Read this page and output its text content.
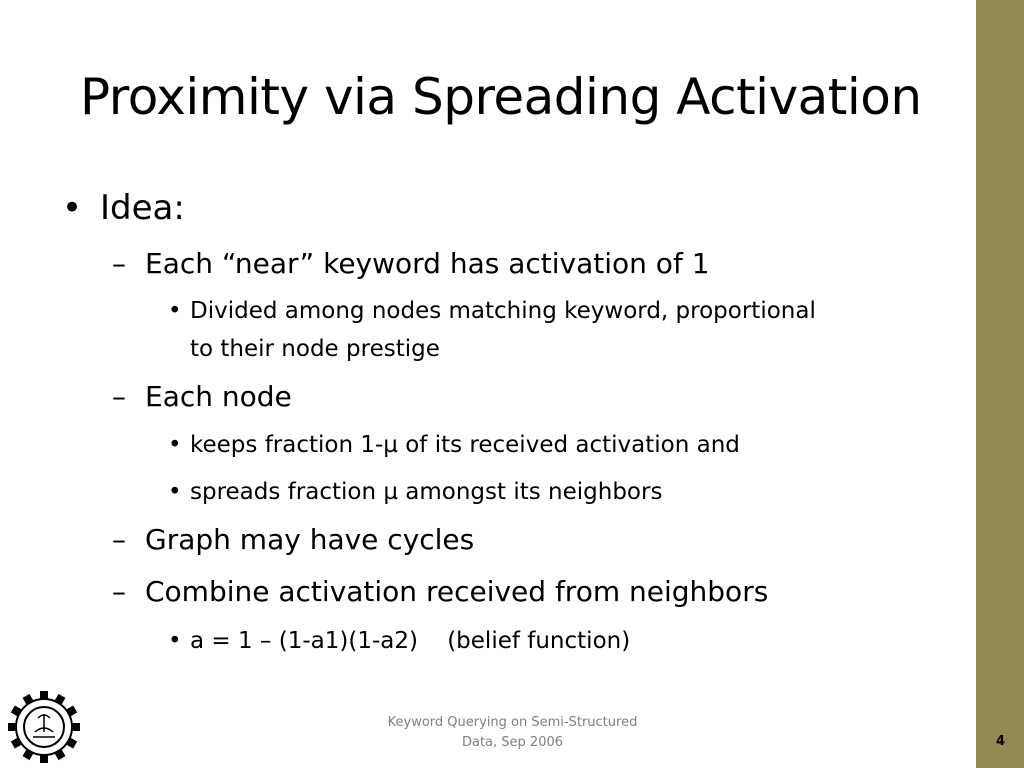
Proximity via Spreading Activation
• Idea:
– Each “near” keyword has activation of 1
• Divided among nodes matching keyword, proportional
to their node prestige
– Each node
• keeps fraction 1-µ of its received activation and
• spreads fraction µ amongst its neighbors
– Graph may have cycles
– Combine activation received from neighbors
• a = 1 – (1-a1)(1-a2)    (belief function)
Keyword Querying on Semi-Structured
Data, Sep 2006	4
